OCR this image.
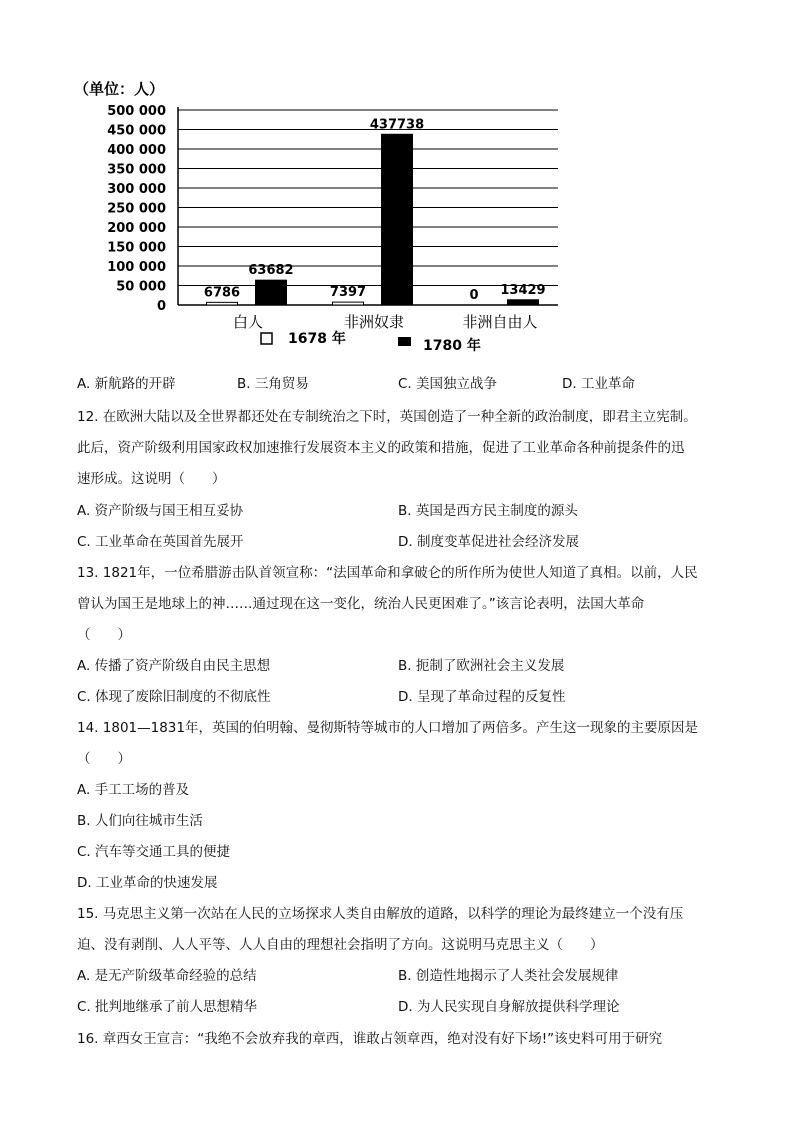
（单位：人）
0
50 000
100 000
150 000
200 000
250 000
300 000
350 000
400 000
450 000
500 000
6786
63682
7397
437738
0 13429
白人	非洲奴隶	非洲自由人
1678 年	1780 年
A. 新航路的开辟	B. 三角贸易	C. 美国独立战争	D. 工业革命
12. 在欧洲大陆以及全世界都还处在专制统治之下时，英国创造了一种全新的政治制度，即君主立宪制。
此后，资产阶级利用国家政权加速推行发展资本主义的政策和措施，促进了工业革命各种前提条件的迅
速形成。这说明（　　）
A. 资产阶级与国王相互妥协	B. 英国是西方民主制度的源头
C. 工业革命在英国首先展开	D. 制度变革促进社会经济发展
13. 1821年，一位希腊游击队首领宣称：“法国革命和拿破仑的所作所为使世人知道了真相。以前，人民
曾认为国王是地球上的神……通过现在这一变化，统治人民更困难了。”该言论表明，法国大革命
（　　）
A. 传播了资产阶级自由民主思想	B. 扼制了欧洲社会主义发展
C. 体现了废除旧制度的不彻底性	D. 呈现了革命过程的反复性
14. 1801—1831年，英国的伯明翰、曼彻斯特等城市的人口增加了两倍多。产生这一现象的主要原因是
（　　）
A. 手工工场的普及
B. 人们向往城市生活
C. 汽车等交通工具的便捷
D. 工业革命的快速发展
15. 马克思主义第一次站在人民的立场探求人类自由解放的道路，以科学的理论为最终建立一个没有压
迫、没有剥削、人人平等、人人自由的理想社会指明了方向。这说明马克思主义（　　）
A. 是无产阶级革命经验的总结	B. 创造性地揭示了人类社会发展规律
C. 批判地继承了前人思想精华	D. 为人民实现自身解放提供科学理论
16. 章西女王宣言：“我绝不会放弃我的章西，谁敢占领章西，绝对没有好下场!”该史料可用于研究
